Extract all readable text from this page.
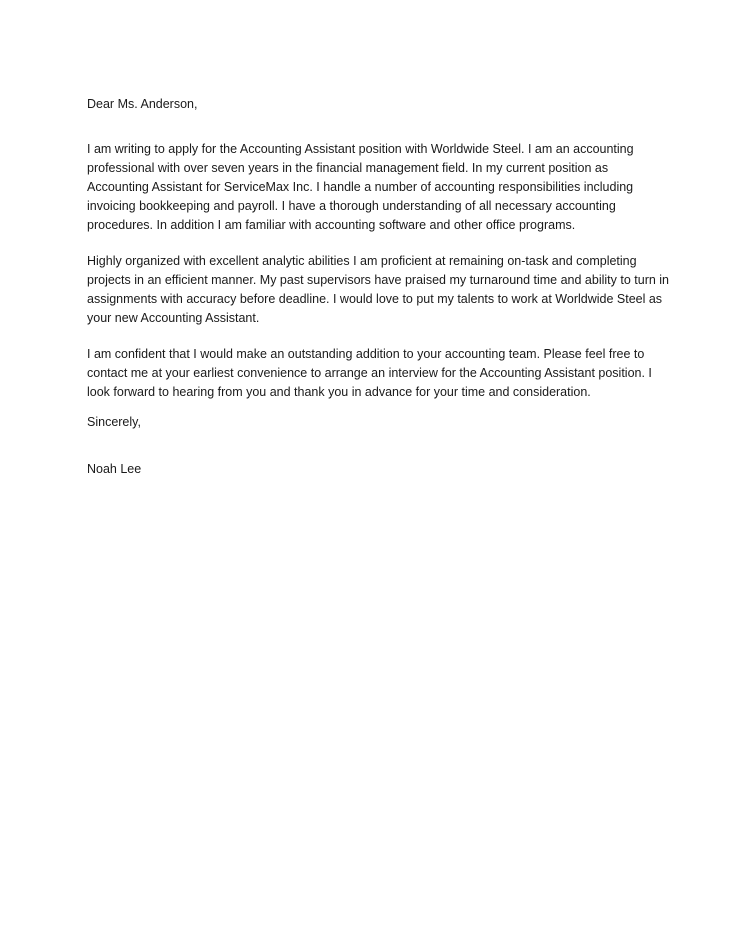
Dear Ms. Anderson,
I am writing to apply for the Accounting Assistant position with Worldwide Steel. I am an accounting
professional with over seven years in the financial management field. In my current position as
Accounting Assistant for ServiceMax Inc. I handle a number of accounting responsibilities including
invoicing bookkeeping and payroll. I have a thorough understanding of all necessary accounting
procedures. In addition I am familiar with accounting software and other office programs.
Highly organized with excellent analytic abilities I am proficient at remaining on-task and completing
projects in an efficient manner. My past supervisors have praised my turnaround time and ability to turn in
assignments with accuracy before deadline. I would love to put my talents to work at Worldwide Steel as
your new Accounting Assistant.
I am confident that I would make an outstanding addition to your accounting team. Please feel free to
contact me at your earliest convenience to arrange an interview for the Accounting Assistant position. I
look forward to hearing from you and thank you in advance for your time and consideration.
Sincerely,
Noah Lee
